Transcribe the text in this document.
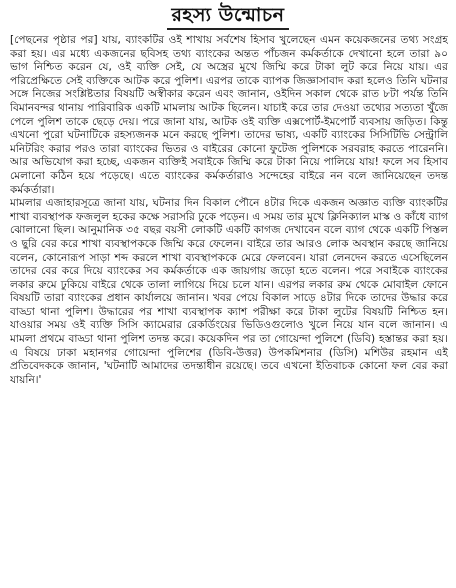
রহস্য উন্মোচন

[পেছনের পৃষ্ঠার পর] যায়, ব্যাংকটির ওই শাখায় সর্বশেষ হিসাব খুলেছেন এমন কয়েকজনের তথ্য সংগ্রহ করা হয়। এর মধ্যে একজনের ছবিসহ তথ্য ব্যাংকের অন্তত পাঁচজন কর্মকর্তাকে দেখানো হলে তারা ৯০ ভাগ নিশ্চিত করেন যে, ওই ব্যক্তি সেই, যে অস্ত্রের মুখে জিম্মি করে টাকা লুট করে নিয়ে যায়। এর পরিপ্রেক্ষিতে সেই ব্যক্তিকে আটক করে পুলিশ। এরপর তাকে ব্যাপক জিজ্ঞাসাবাদ করা হলেও তিনি ঘটনার সঙ্গে নিজের সংশ্লিষ্টতার বিষয়টি অস্বীকার করেন এবং জানান, ওইদিন সকাল থেকে রাত ৮টা পর্যন্ত তিনি বিমানবন্দর থানায় পারিবারিক একটি মামলায় আটক ছিলেন। যাচাই করে তার দেওয়া তথ্যের সত্যতা খুঁজে পেলে পুলিশ তাকে ছেড়ে দেয়। পরে জানা যায়, আটক ওই ব্যক্তি এক্সপোর্ট-ইমপোর্ট ব্যবসায় জড়িত। কিন্তু এখনো পুরো ঘটনাটিকে রহস্যজনক মনে করছে পুলিশ। তাদের ভাষ্য, একটি ব্যাংকের সিসিটিভি সেন্ট্রালি মনিটরিং করার পরও তারা ব্যাংকের ভিতর ও বাইরের কোনো ফুটেজ পুলিশকে সরবরাহ করতে পারেননি। আর অভিযোগ করা হচ্ছে, একজন ব্যক্তিই সবাইকে জিম্মি করে টাকা নিয়ে পালিয়ে যায়! ফলে সব হিসাব মেলানো কঠিন হয়ে পড়েছে। এতে ব্যাংকের কর্মকর্তারাও সন্দেহের বাইরে নন বলে জানিয়েছেন তদন্ত কর্মকর্তারা।

মামলার এজাহারসূত্রে জানা যায়, ঘটনার দিন বিকাল পৌনে ৪টার দিকে একজন অজ্ঞাত ব্যক্তি ব্যাংকটির শাখা ব্যবস্থাপক ফজলুল হকের কক্ষে সরাসরি ঢুকে পড়েন। এ সময় তার মুখে ক্লিনিক্যাল মাস্ক ও কাঁধে ব্যাগ ঝোলানো ছিল। আনুমানিক ৩৫ বছর বয়সী লোকটি একটি কাগজ দেখাবেন বলে ব্যাগ থেকে একটি পিস্তল ও ছুরি বের করে শাখা ব্যবস্থাপককে জিম্মি করে ফেলেন। বাইরে তার আরও লোক অবস্থান করছে জানিয়ে বলেন, কোনোরূপ সাড়া শব্দ করলে শাখা ব্যবস্থাপককে মেরে ফেলবেন। যারা লেনদেন করতে এসেছিলেন তাদের বের করে দিয়ে ব্যাংকের সব কর্মকর্তাকে এক জায়গায় জড়ো হতে বলেন। পরে সবাইকে ব্যাংকের লকার রুমে ঢুকিয়ে বাইরে থেকে তালা লাগিয়ে দিয়ে চলে যান। এরপর লকার রুম থেকে মোবাইল ফোনে বিষয়টি তারা ব্যাংকের প্রধান কার্যালয়ে জানান। খবর পেয়ে বিকাল সাড়ে ৪টার দিকে তাদের উদ্ধার করে বাড্ডা থানা পুলিশ। উদ্ধারের পর শাখা ব্যবস্থাপক ক্যাশ পরীক্ষা করে টাকা লুটের বিষয়টি নিশ্চিত হন। যাওয়ার সময় ওই ব্যক্তি সিসি ক্যামেরার রেকর্ডিংয়ের ভিডিওগুলোও খুলে নিয়ে যান বলে জানান। এ মামলা প্রথমে বাড্ডা থানা পুলিশ তদন্ত করে। কয়েকদিন পর তা গোয়েন্দা পুলিশে (ডিবি) হস্তান্তর করা হয়। এ বিষয়ে ঢাকা মহানগর গোয়েন্দা পুলিশের (ডিবি-উত্তর) উপকমিশনার (ডিসি) মশিউর রহমান এই প্রতিবেদককে জানান, 'ঘটনাটি আমাদের তদন্তাধীন রয়েছে। তবে এখনো ইতিবাচক কোনো ফল বের করা যায়নি।'
